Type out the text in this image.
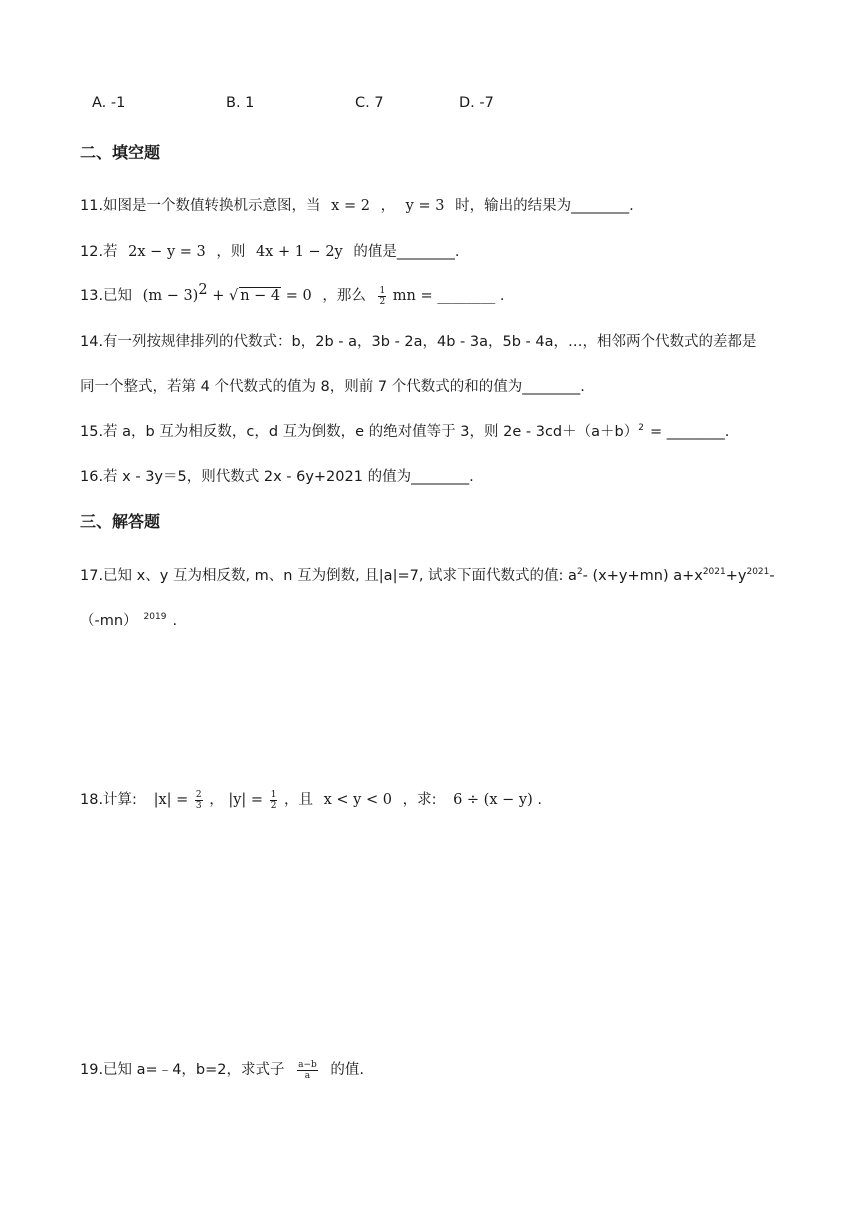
A. -1	B. 1	C. 7	D. -7
二、填空题
11.如图是一个数值转换机示意图，当 x = 2 ， y = 3 时，输出的结果为________.
12.若 2x − y = 3 ，则 4x + 1 − 2y 的值是________.
13.已知 $(m - 3)^2$ + √ n − 4 = 0 ，那么 $\frac{1}{2}$ mn = ________ .
14.有一列按规律排列的代数式：b，2b - a，3b - 2a，4b - 3a，5b - 4a，…，相邻两个代数式的差都是
同一个整式，若第 4 个代数式的值为 8，则前 7 个代数式的和的值为________.
15.若 a，b 互为相反数，c，d 互为倒数，e 的绝对值等于 3，则 $2e - 3cd+(a+b)^2$ = ________.
16.若 x - 3y＝5，则代数式 2x - 6y+2021 的值为________.
三、解答题
17.已知 x、y 互为相反数, m、n 互为倒数, 且|a|=7, 试求下面代数式的值: $a^2-$ (x+y+mn) $a+x^{2021}+y^{2021}-$
（-mn） $^{2019}$ .
18.计算: $|x| = \frac{2}{3}$ ， $|y| = \frac{1}{2}$ ，且 x < y < 0 ，求: 6 ÷ (x − y) .
19.已知 a=﹣4，b=2，求式子 $\frac{a-b}{a}$ 的值.
